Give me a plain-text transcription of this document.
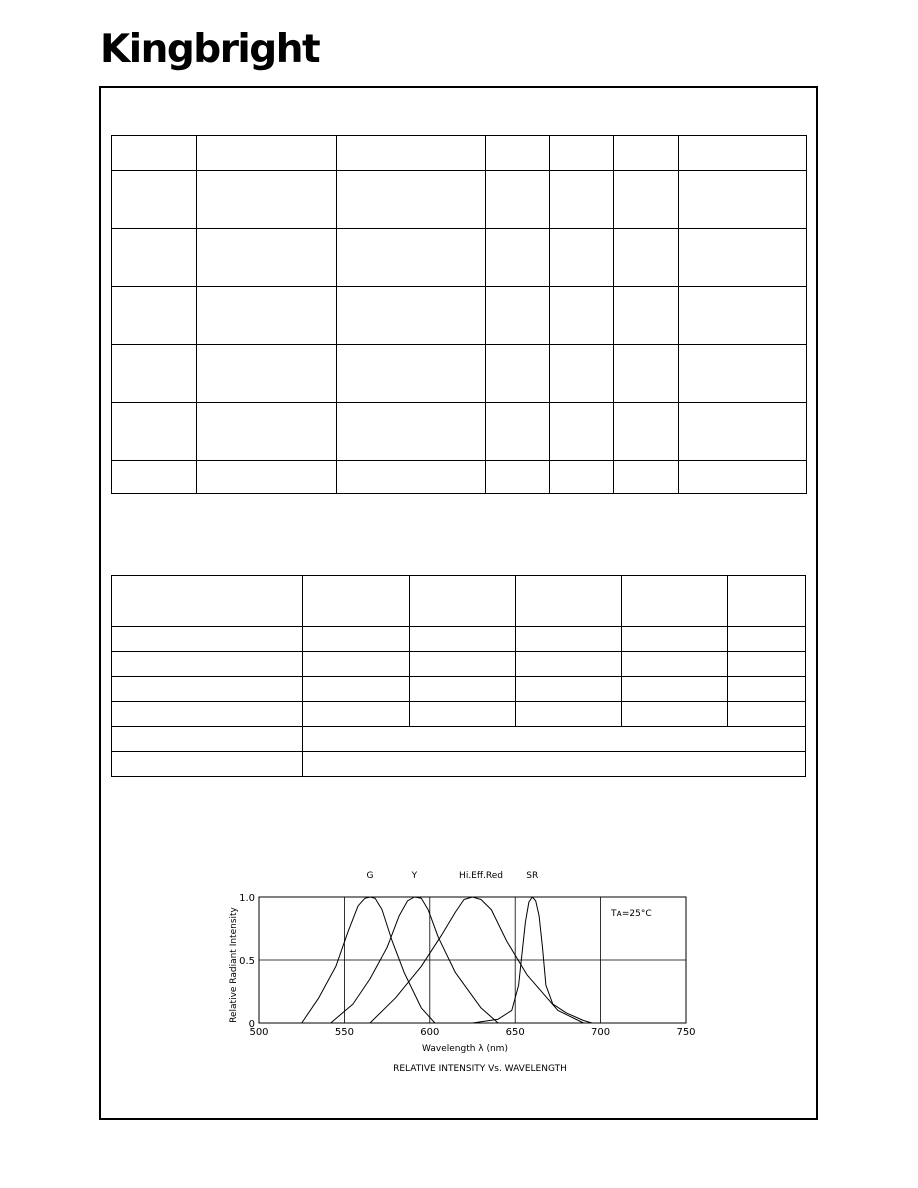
Kingbright

G	Y	Hi.Eff.Red	SR
500	550	600	650	700	750
0
0.5
1.0
Relative Radiant Intensity
Wavelength λ (nm)
RELATIVE INTENSITY Vs. WAVELENGTH
Tᴀ=25°C
